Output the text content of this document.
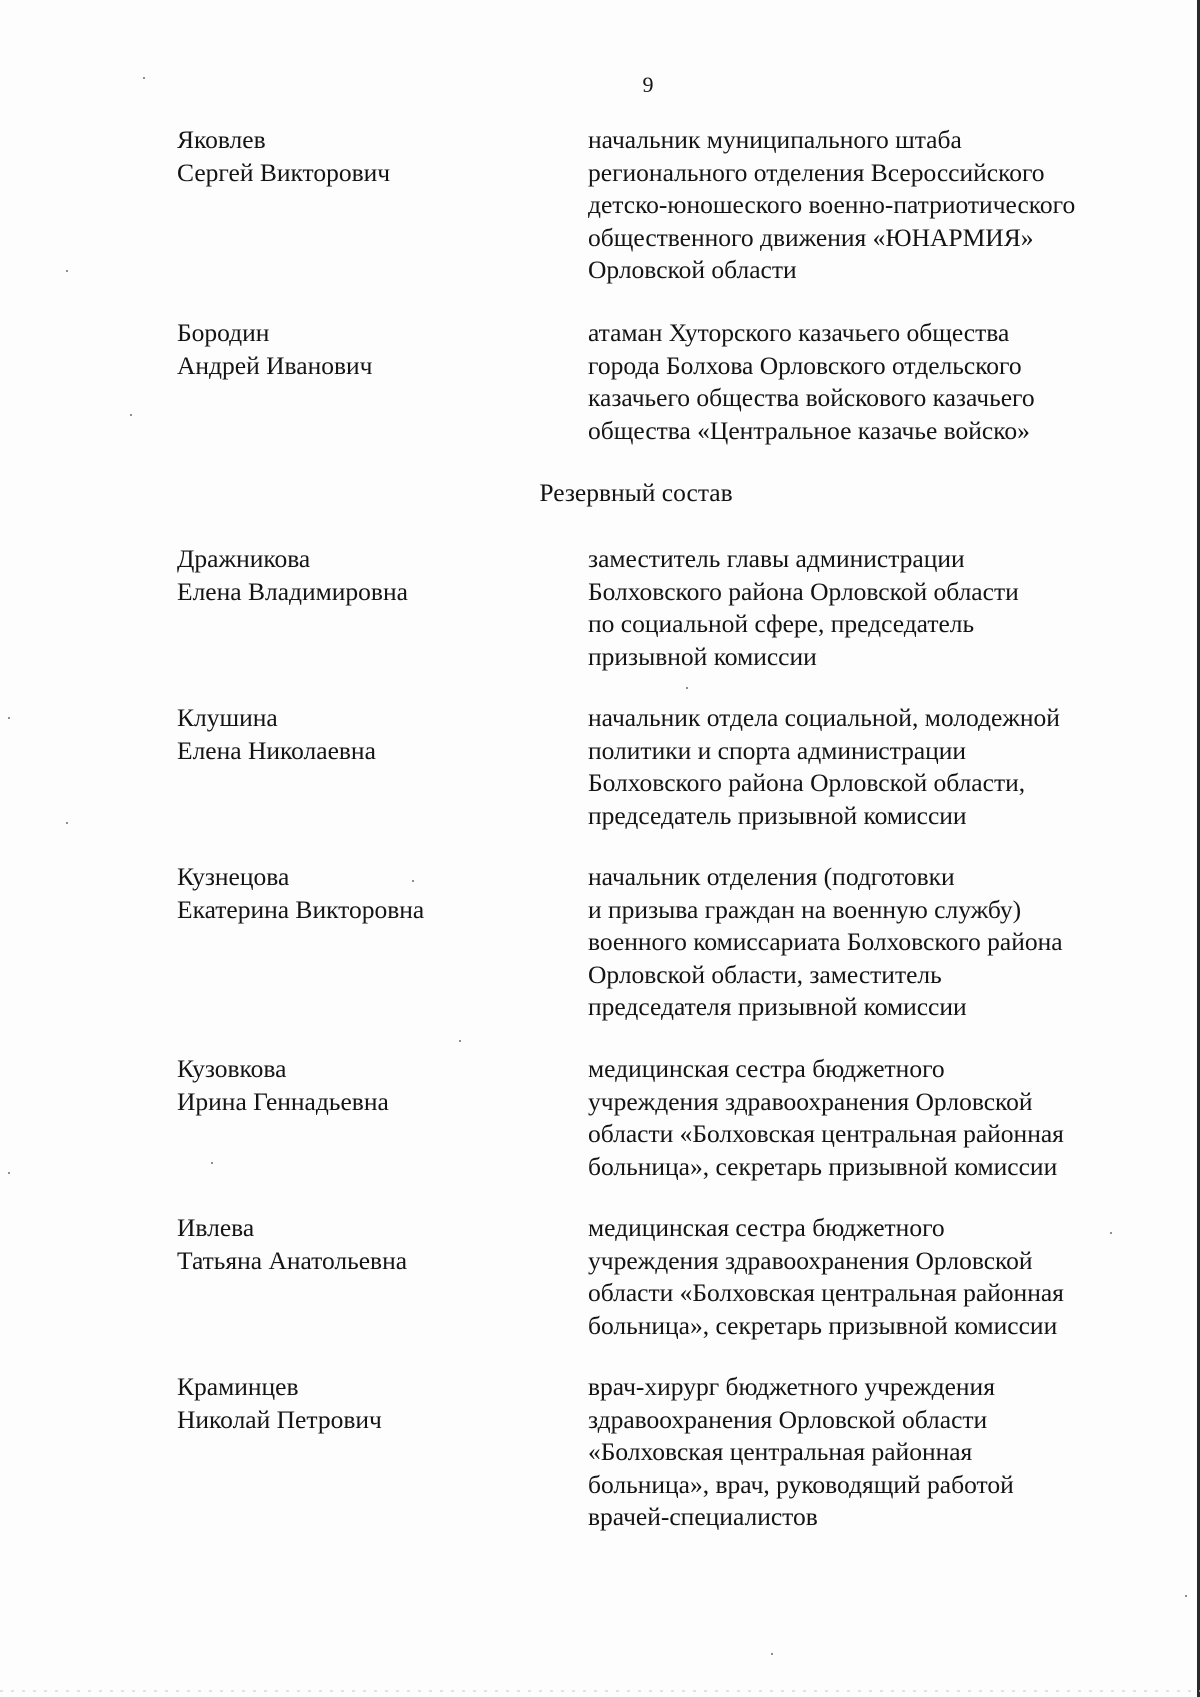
9
Яковлев
Сергей Викторович
начальник муниципального штаба
регионального отделения Всероссийского
детско-юношеского военно-патриотического
общественного движения «ЮНАРМИЯ»
Орловской области
Бородин
Андрей Иванович
атаман Хуторского казачьего общества
города Болхова Орловского отдельского
казачьего общества войскового казачьего
общества «Центральное казачье войско»
Резервный состав
Дражникова
Елена Владимировна
заместитель главы администрации
Болховского района Орловской области
по социальной сфере, председатель
призывной комиссии
Клушина
Елена Николаевна
начальник отдела социальной, молодежной
политики и спорта администрации
Болховского района Орловской области,
председатель призывной комиссии
Кузнецова
Екатерина Викторовна
начальник отделения (подготовки
и призыва граждан на военную службу)
военного комиссариата Болховского района
Орловской области, заместитель
председателя призывной комиссии
Кузовкова
Ирина Геннадьевна
медицинская сестра бюджетного
учреждения здравоохранения Орловской
области «Болховская центральная районная
больница», секретарь призывной комиссии
Ивлева
Татьяна Анатольевна
медицинская сестра бюджетного
учреждения здравоохранения Орловской
области «Болховская центральная районная
больница», секретарь призывной комиссии
Краминцев
Николай Петрович
врач-хирург бюджетного учреждения
здравоохранения Орловской области
«Болховская центральная районная
больница», врач, руководящий работой
врачей-специалистов
